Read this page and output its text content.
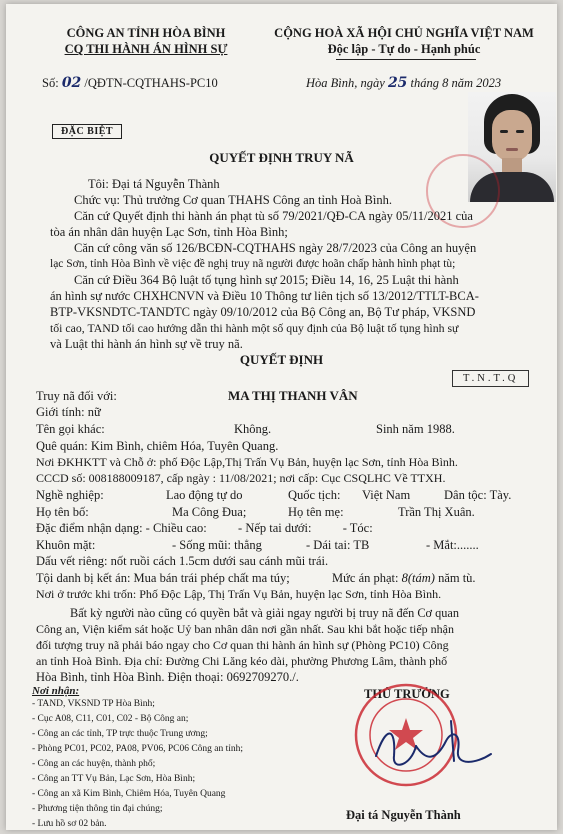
CÔNG AN TỈNH HÒA BÌNH
CQ THI HÀNH ÁN HÌNH SỰ
Số: 02 /QĐTN-CQTHAHS-PC10
CỘNG HOÀ XÃ HỘI CHỦ NGHĨA VIỆT NAM
Độc lập - Tự do - Hạnh phúc
Hòa Bình, ngày 25 tháng 8 năm 2023
ĐẶC BIỆT
QUYẾT ĐỊNH TRUY NÃ
Tôi: Đại tá Nguyễn Thành
Chức vụ: Thủ trưởng Cơ quan THAHS Công an tỉnh Hoà Bình.
Căn cứ Quyết định thi hành án phạt tù số 79/2021/QĐ-CA ngày 05/11/2021 của
tòa án nhân dân huyện Lạc Sơn, tỉnh Hòa Bình;
Căn cứ công văn số 126/BCĐN-CQTHAHS ngày 28/7/2023 của Công an huyện
lạc Sơn, tỉnh Hòa Bình về việc đề nghị truy nã người được hoãn chấp hành hình phạt tù;
Căn cứ Điều 364 Bộ luật tố tụng hình sự 2015; Điều 14, 16, 25 Luật thi hành
án hình sự nước CHXHCNVN và Điều 10 Thông tư liên tịch số 13/2012/TTLT-BCA-
BTP-VKSNDTC-TANDTC ngày 09/10/2012 của Bộ Công an, Bộ Tư pháp, VKSND
tối cao, TAND tối cao hướng dẫn thi hành một số quy định của Bộ luật tố tụng hình sự
và Luật thi hành án hình sự về truy nã.
QUYẾT ĐỊNH
T.N.T.Q
Truy nã đối với:	MA THỊ THANH VÂN
Giới tính: nữ
Tên gọi khác:	Không.	Sinh năm 1988.
Quê quán: Kim Bình, chiêm Hóa, Tuyên Quang.
Nơi ĐKHKTT và Chỗ ở: phố Độc Lập,Thị Trấn Vụ Bản, huyện lạc Sơn, tỉnh Hòa Bình.
CCCD số: 008188009187, cấp ngày : 11/08/2021; nơi cấp: Cục CSQLHC Về TTXH.
Nghề nghiệp:	Lao động tự do	Quốc tịch: Việt Nam	Dân tộc: Tày.
Họ tên bố:	Ma Công Đua;	Họ tên mẹ:	Trần Thị Xuân.
Đặc điểm nhận dạng: - Chiều cao:          - Nếp tai dưới:          - Tóc:
Khuôn mặt:	- Sống mũi: thẳng	- Dái tai: TB	- Mắt:.......
Dấu vết riêng: nốt ruồi cách 1.5cm dưới sau cánh mũi trái.
Tội danh bị kết án: Mua bán trái phép chất ma túy;	Mức án phạt: 8(tám) năm tù.
Nơi ở trước khi trốn: Phố Độc Lập, Thị Trấn Vụ Bản, huyện lạc Sơn, tỉnh Hòa Bình.
Bất kỳ người nào cũng có quyền bắt và giải ngay người bị truy nã đến Cơ quan
Công an, Viện kiểm sát hoặc Uỷ ban nhân dân nơi gần nhất. Sau khi bắt hoặc tiếp nhận
đối tượng truy nã phải báo ngay cho Cơ quan thi hành án hình sự (Phòng PC10) Công
an tỉnh Hoà Bình. Địa chỉ: Đường Chi Lăng kéo dài, phường Phương Lâm, thành phố
Hòa Bình, tỉnh Hòa Bình. Điện thoại: 0692709270./.
Nơi nhận:
- TAND, VKSND TP Hòa Bình;
- Cục A08, C11, C01, C02 - Bộ Công an;
- Công an các tỉnh, TP trực thuộc Trung ương;
- Phòng PC01, PC02, PA08, PV06, PC06 Công an tỉnh;
- Công an các huyện, thành phố;
- Công an TT Vụ Bản, Lạc Sơn, Hòa Bình;
- Công an xã Kim Bình, Chiêm Hóa, Tuyên Quang
- Phương tiện thông tin đại chúng;
- Lưu hồ sơ 02 bản.
THỦ TRƯỞNG
Đại tá Nguyễn Thành
